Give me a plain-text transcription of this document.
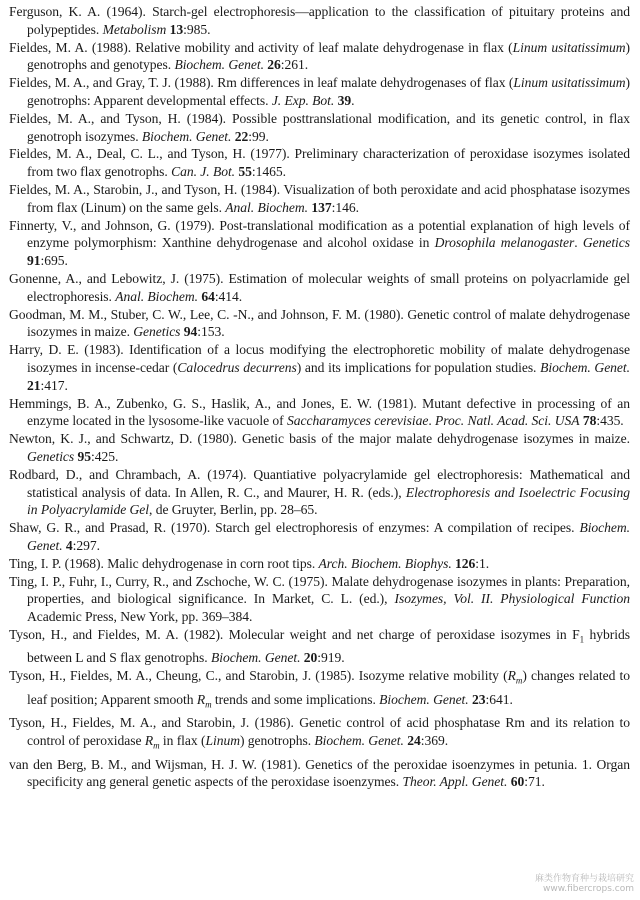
Ferguson, K. A. (1964). Starch-gel electrophoresis—application to the classification of pituitary proteins and polypeptides. Metabolism 13:985.
Fieldes, M. A. (1988). Relative mobility and activity of leaf malate dehydrogenase in flax (Linum usitatissimum) genotrophs and genotypes. Biochem. Genet. 26:261.
Fieldes, M. A., and Gray, T. J. (1988). Rm differences in leaf malate dehydrogenases of flax (Linum usitatissimum) genotrophs: Apparent developmental effects. J. Exp. Bot. 39.
Fieldes, M. A., and Tyson, H. (1984). Possible posttranslational modification, and its genetic control, in flax genotroph isozymes. Biochem. Genet. 22:99.
Fieldes, M. A., Deal, C. L., and Tyson, H. (1977). Preliminary characterization of peroxidase isozymes isolated from two flax genotrophs. Can. J. Bot. 55:1465.
Fieldes, M. A., Starobin, J., and Tyson, H. (1984). Visualization of both peroxidate and acid phosphatase isozymes from flax (Linum) on the same gels. Anal. Biochem. 137:146.
Finnerty, V., and Johnson, G. (1979). Post-translational modification as a potential explanation of high levels of enzyme polymorphism: Xanthine dehydrogenase and alcohol oxidase in Drosophila melanogaster. Genetics 91:695.
Gonenne, A., and Lebowitz, J. (1975). Estimation of molecular weights of small proteins on polyacrlamide gel electrophoresis. Anal. Biochem. 64:414.
Goodman, M. M., Stuber, C. W., Lee, C. -N., and Johnson, F. M. (1980). Genetic control of malate dehydrogenase isozymes in maize. Genetics 94:153.
Harry, D. E. (1983). Identification of a locus modifying the electrophoretic mobility of malate dehydrogenase isozymes in incense-cedar (Calocedrus decurrens) and its implications for population studies. Biochem. Genet. 21:417.
Hemmings, B. A., Zubenko, G. S., Haslik, A., and Jones, E. W. (1981). Mutant defective in processing of an enzyme located in the lysosome-like vacuole of Saccharamyces cerevisiae. Proc. Natl. Acad. Sci. USA 78:435.
Newton, K. J., and Schwartz, D. (1980). Genetic basis of the major malate dehydrogenase isozymes in maize. Genetics 95:425.
Rodbard, D., and Chrambach, A. (1974). Quantiative polyacrylamide gel electrophoresis: Mathematical and statistical analysis of data. In Allen, R. C., and Maurer, H. R. (eds.), Electrophoresis and Isoelectric Focusing in Polyacrylamide Gel, de Gruyter, Berlin, pp. 28–65.
Shaw, G. R., and Prasad, R. (1970). Starch gel electrophoresis of enzymes: A compilation of recipes. Biochem. Genet. 4:297.
Ting, I. P. (1968). Malic dehydrogenase in corn root tips. Arch. Biochem. Biophys. 126:1.
Ting, I. P., Fuhr, I., Curry, R., and Zschoche, W. C. (1975). Malate dehydrogenase isozymes in plants: Preparation, properties, and biological significance. In Market, C. L. (ed.), Isozymes, Vol. II. Physiological Function Academic Press, New York, pp. 369–384.
Tyson, H., and Fieldes, M. A. (1982). Molecular weight and net charge of peroxidase isozymes in $F_1$ hybrids between L and S flax genotrophs. Biochem. Genet. 20:919.
Tyson, H., Fieldes, M. A., Cheung, C., and Starobin, J. (1985). Isozyme relative mobility $(R_m)$ changes related to leaf position; Apparent smooth $R_m$ trends and some implications. Biochem. Genet. 23:641.
Tyson, H., Fieldes, M. A., and Starobin, J. (1986). Genetic control of acid phosphatase Rm and its relation to control of peroxidase $R_m$ in flax (Linum) genotrophs. Biochem. Genet. 24:369.
van den Berg, B. M., and Wijsman, H. J. W. (1981). Genetics of the peroxidae isoenzymes in petunia. 1. Organ specificity ang general genetic aspects of the peroxidase isoenzymes. Theor. Appl. Genet. 60:71.
麻类作物育种与栽培研究
www.fibercrops.com
